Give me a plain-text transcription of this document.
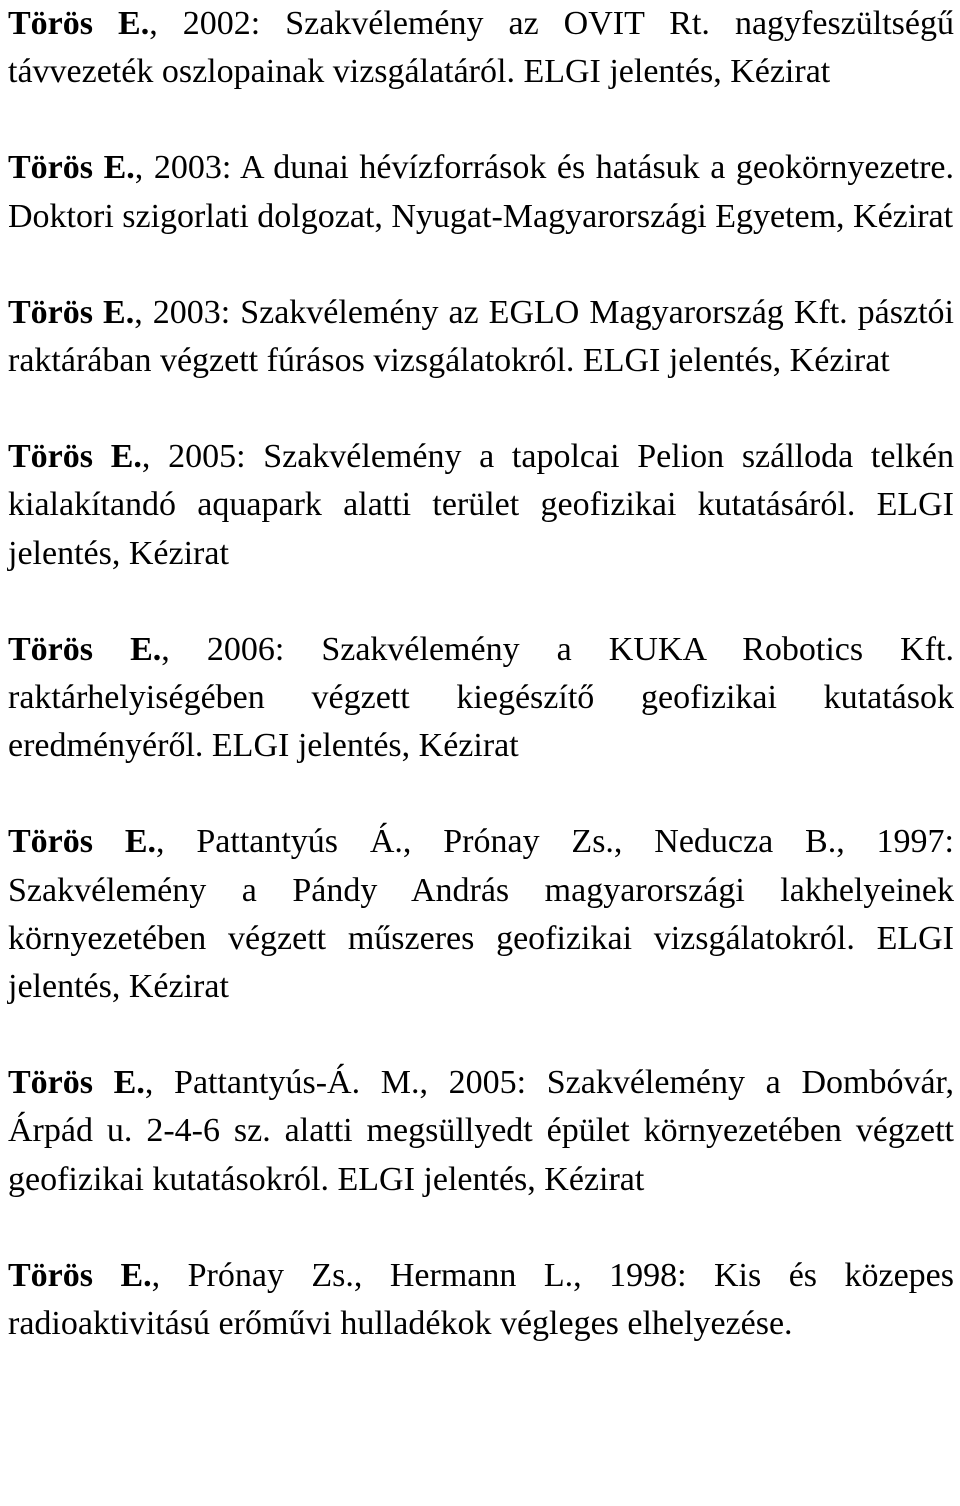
Törös E., 2002: Szakvélemény az OVIT Rt. nagyfeszültségű távvezeték oszlopainak vizsgálatáról. ELGI jelentés, Kézirat

Törös E., 2003: A dunai hévízforrások és hatásuk a geokörnyezetre. Doktori szigorlati dolgozat, Nyugat-Magyarországi Egyetem, Kézirat

Törös E., 2003: Szakvélemény az EGLO Magyarország Kft. pásztói raktárában végzett fúrásos vizsgálatokról. ELGI jelentés, Kézirat

Törös E., 2005: Szakvélemény a tapolcai Pelion szálloda telkén kialakítandó aquapark alatti terület geofizikai kutatásáról. ELGI jelentés, Kézirat

Törös E., 2006: Szakvélemény a KUKA Robotics Kft. raktárhelyiségében végzett kiegészítő geofizikai kutatások eredményéről. ELGI jelentés, Kézirat

Törös E., Pattantyús Á., Prónay Zs., Neducza B., 1997: Szakvélemény a Pándy András magyarországi lakhelyeinek környezetében végzett műszeres geofizikai vizsgálatokról. ELGI jelentés, Kézirat

Törös E., Pattantyús-Á. M., 2005: Szakvélemény a Dombóvár, Árpád u. 2-4-6 sz. alatti megsüllyedt épület környezetében végzett geofizikai kutatásokról. ELGI jelentés, Kézirat

Törös E., Prónay Zs., Hermann L., 1998: Kis és közepes radioaktivitású erőművi hulladékok végleges elhelyezése.
